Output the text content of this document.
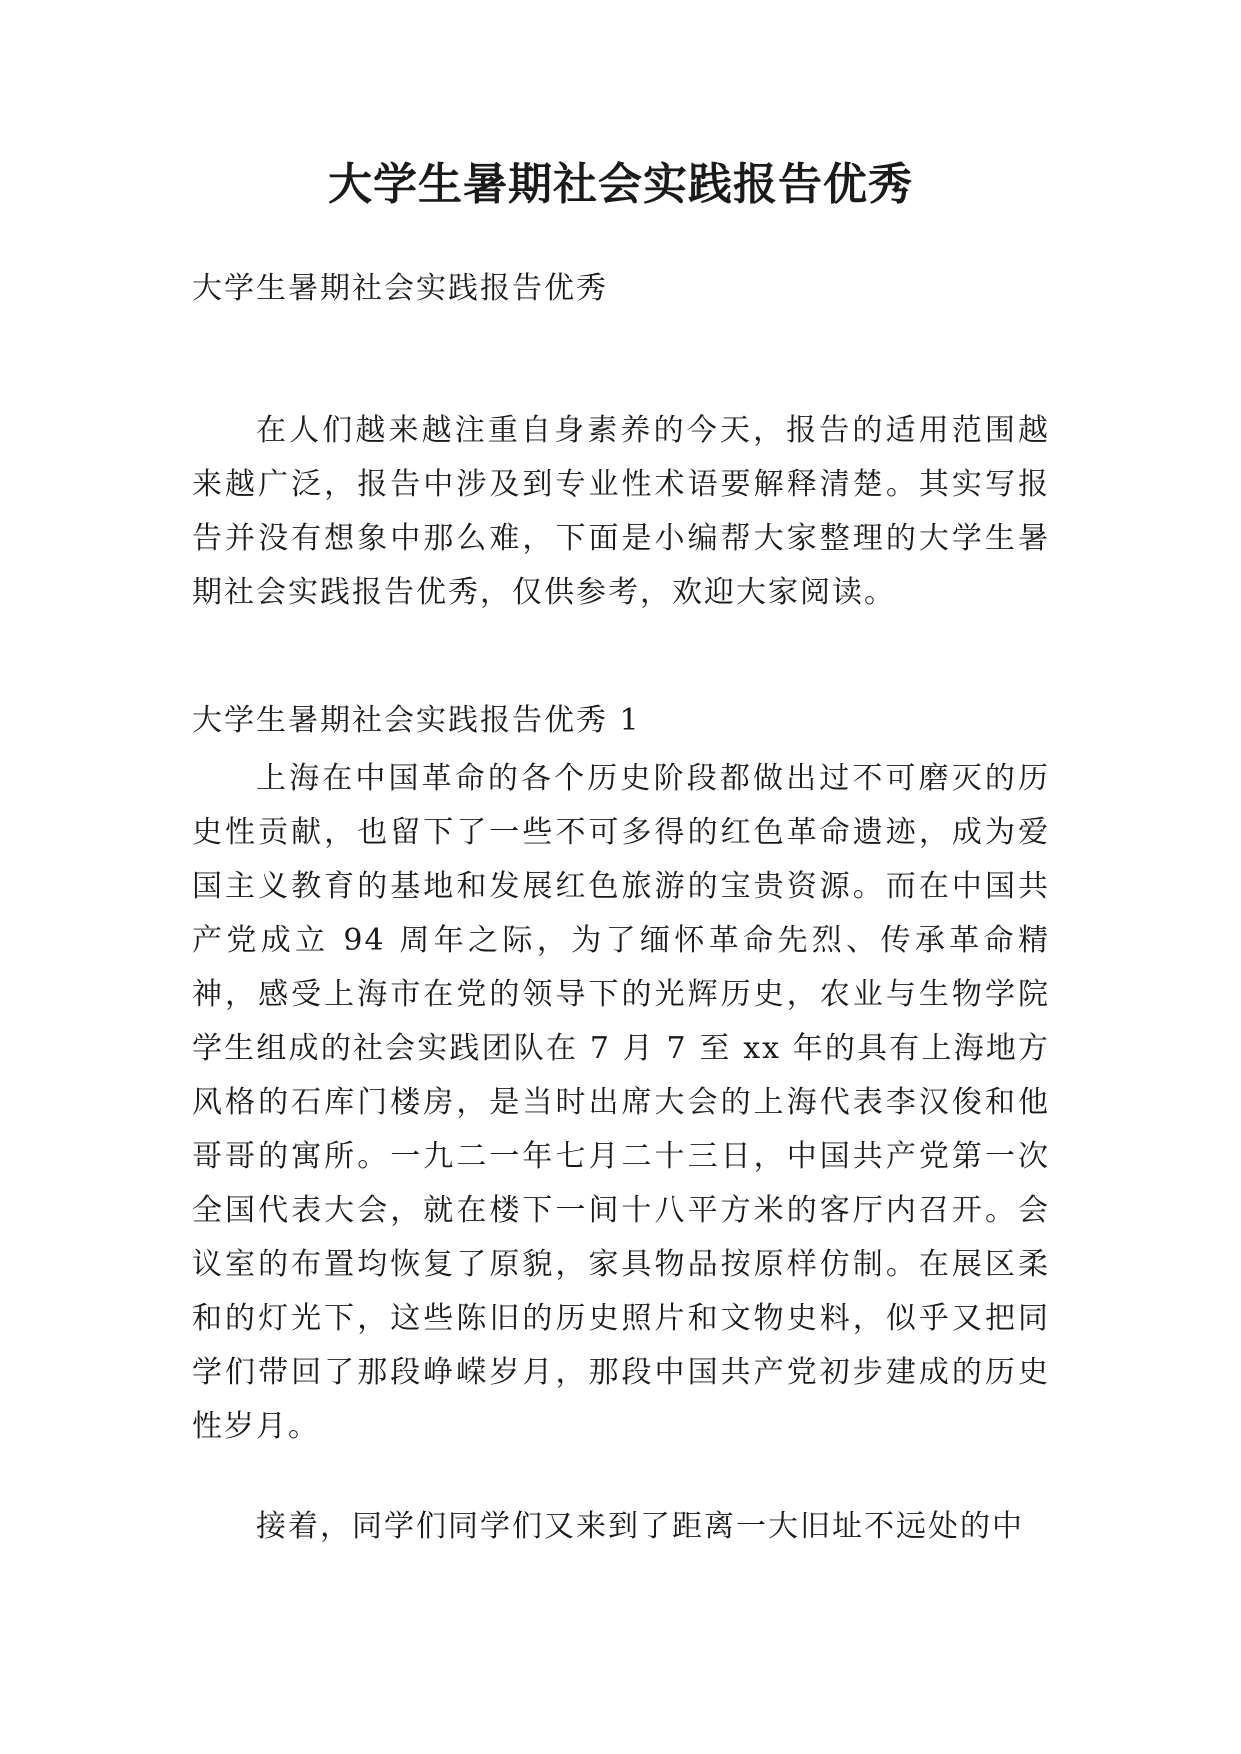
大学生暑期社会实践报告优秀

大学生暑期社会实践报告优秀

在人们越来越注重自身素养的今天，报告的适用范围越来越广泛，报告中涉及到专业性术语要解释清楚。其实写报告并没有想象中那么难，下面是小编帮大家整理的大学生暑期社会实践报告优秀，仅供参考，欢迎大家阅读。

大学生暑期社会实践报告优秀 1

上海在中国革命的各个历史阶段都做出过不可磨灭的历史性贡献，也留下了一些不可多得的红色革命遗迹，成为爱国主义教育的基地和发展红色旅游的宝贵资源。而在中国共产党成立 94 周年之际，为了缅怀革命先烈、传承革命精神，感受上海市在党的领导下的光辉历史，农业与生物学院学生组成的社会实践团队在 7 月 7 至 xx 年的具有上海地方风格的石库门楼房，是当时出席大会的上海代表李汉俊和他哥哥的寓所。一九二一年七月二十三日，中国共产党第一次全国代表大会，就在楼下一间十八平方米的客厅内召开。会议室的布置均恢复了原貌，家具物品按原样仿制。在展区柔和的灯光下，这些陈旧的历史照片和文物史料，似乎又把同学们带回了那段峥嵘岁月，那段中国共产党初步建成的历史性岁月。

接着，同学们同学们又来到了距离一大旧址不远处的中
